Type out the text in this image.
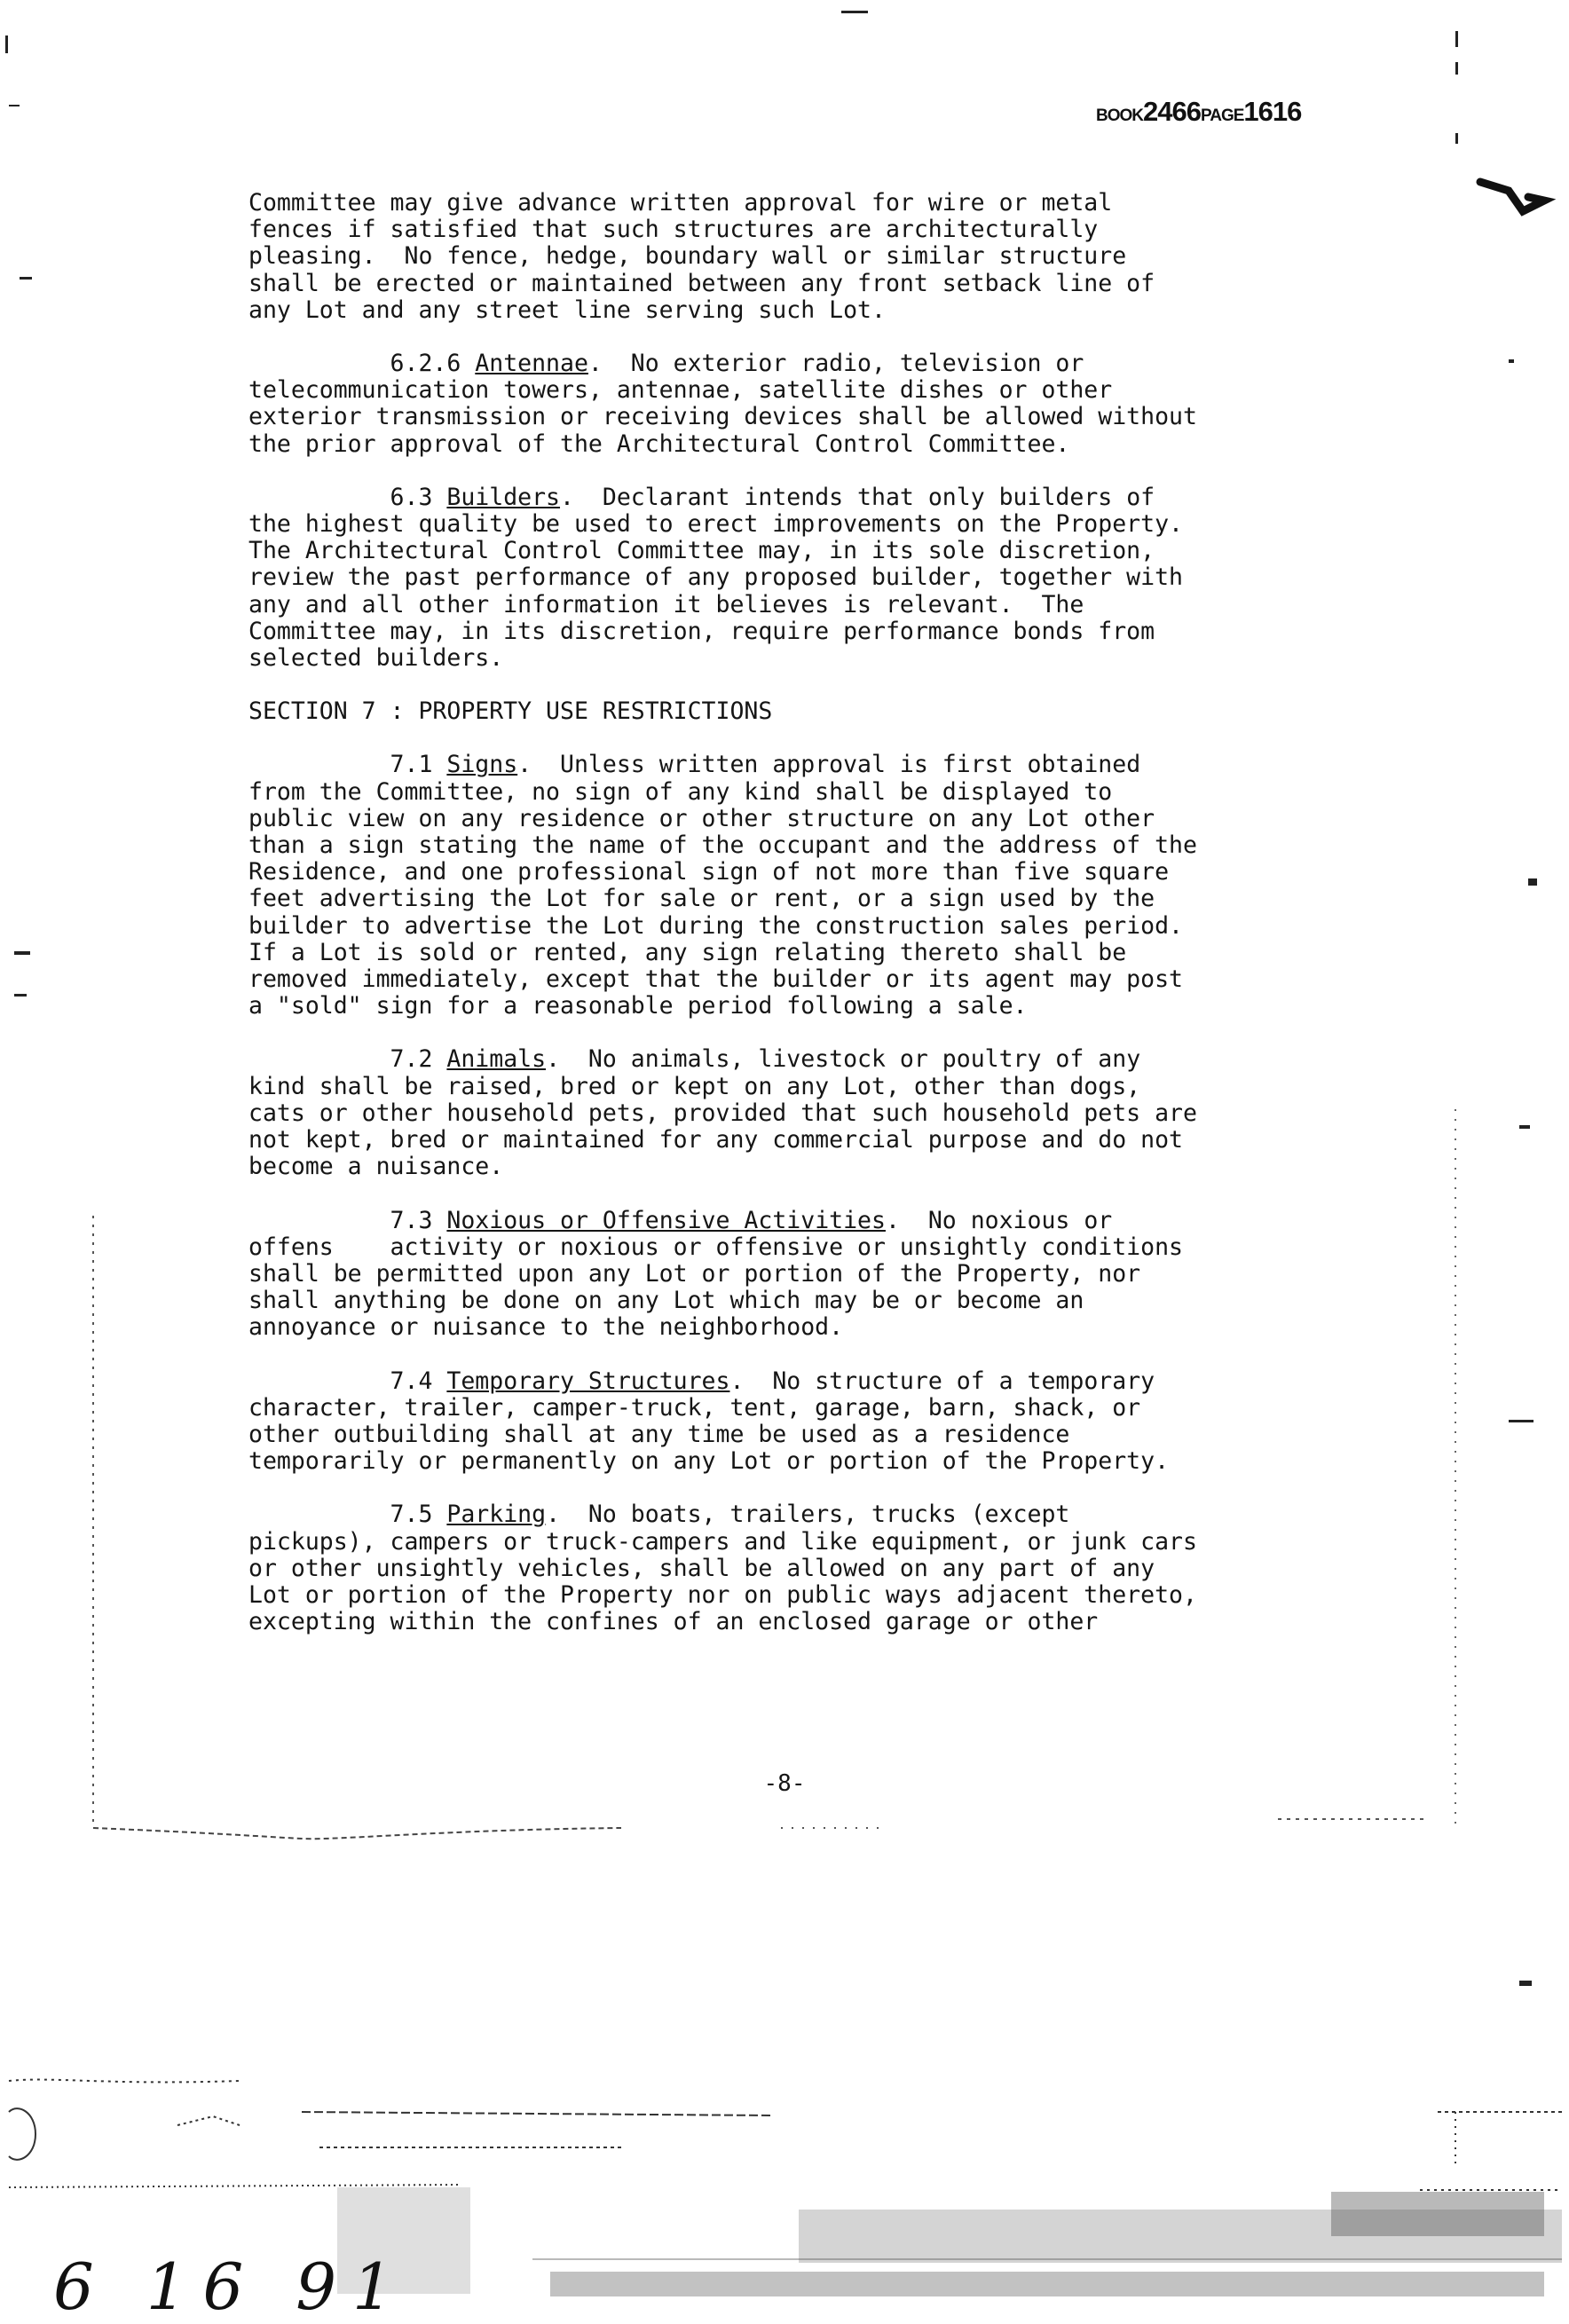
BOOK2466PAGE1616
Committee may give advance written approval for wire or metal
fences if satisfied that such structures are architecturally
pleasing.  No fence, hedge, boundary wall or similar structure
shall be erected or maintained between any front setback line of
any Lot and any street line serving such Lot.
6.2.6 Antennae.  No exterior radio, television or
telecommunication towers, antennae, satellite dishes or other
exterior transmission or receiving devices shall be allowed without
the prior approval of the Architectural Control Committee.
6.3 Builders.  Declarant intends that only builders of
the highest quality be used to erect improvements on the Property.
The Architectural Control Committee may, in its sole discretion,
review the past performance of any proposed builder, together with
any and all other information it believes is relevant.  The
Committee may, in its discretion, require performance bonds from
selected builders.
SECTION 7 : PROPERTY USE RESTRICTIONS
7.1 Signs.  Unless written approval is first obtained
from the Committee, no sign of any kind shall be displayed to
public view on any residence or other structure on any Lot other
than a sign stating the name of the occupant and the address of the
Residence, and one professional sign of not more than five square
feet advertising the Lot for sale or rent, or a sign used by the
builder to advertise the Lot during the construction sales period.
If a Lot is sold or rented, any sign relating thereto shall be
removed immediately, except that the builder or its agent may post
a "sold" sign for a reasonable period following a sale.
7.2 Animals.  No animals, livestock or poultry of any
kind shall be raised, bred or kept on any Lot, other than dogs,
cats or other household pets, provided that such household pets are
not kept, bred or maintained for any commercial purpose and do not
become a nuisance.
7.3 Noxious or Offensive Activities.  No noxious or
offens    activity or noxious or offensive or unsightly conditions
shall be permitted upon any Lot or portion of the Property, nor
shall anything be done on any Lot which may be or become an
annoyance or nuisance to the neighborhood.
7.4 Temporary Structures.  No structure of a temporary
character, trailer, camper-truck, tent, garage, barn, shack, or
other outbuilding shall at any time be used as a residence
temporarily or permanently on any Lot or portion of the Property.
7.5 Parking.  No boats, trailers, trucks (except
pickups), campers or truck-campers and like equipment, or junk cars
or other unsightly vehicles, shall be allowed on any part of any
Lot or portion of the Property nor on public ways adjacent thereto,
excepting within the confines of an enclosed garage or other
-8-
6 16 91
